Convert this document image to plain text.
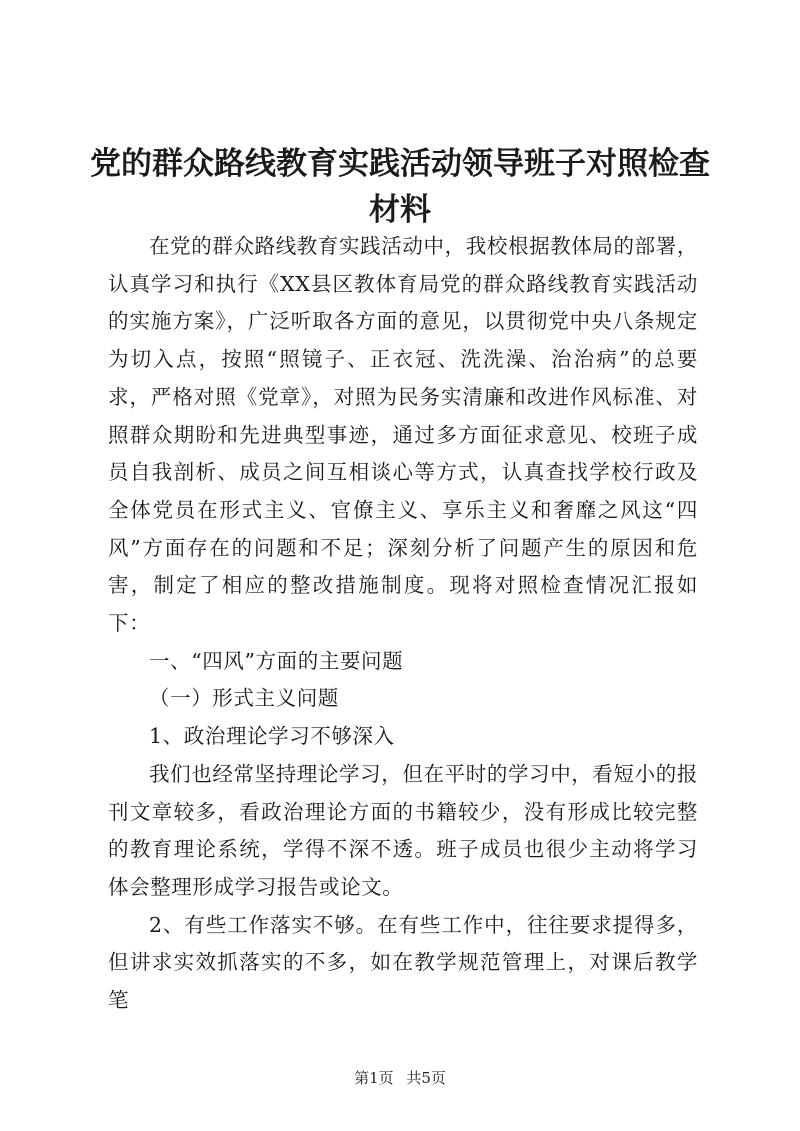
党的群众路线教育实践活动领导班子对照检查
材料

在党的群众路线教育实践活动中，我校根据教体局的部署，认真学习和执行《XX县区教体育局党的群众路线教育实践活动的实施方案》，广泛听取各方面的意见，以贯彻党中央八条规定为切入点，按照“照镜子、正衣冠、洗洗澡、治治病”的总要求，严格对照《党章》，对照为民务实清廉和改进作风标准、对照群众期盼和先进典型事迹，通过多方面征求意见、校班子成员自我剖析、成员之间互相谈心等方式，认真查找学校行政及全体党员在形式主义、官僚主义、享乐主义和奢靡之风这“四风”方面存在的问题和不足；深刻分析了问题产生的原因和危害，制定了相应的整改措施制度。现将对照检查情况汇报如下：

一、“四风”方面的主要问题

（一）形式主义问题

1、政治理论学习不够深入

我们也经常坚持理论学习，但在平时的学习中，看短小的报刊文章较多，看政治理论方面的书籍较少，没有形成比较完整的教育理论系统，学得不深不透。班子成员也很少主动将学习体会整理形成学习报告或论文。

2、有些工作落实不够。在有些工作中，往往要求提得多，但讲求实效抓落实的不多，如在教学规范管理上，对课后教学笔

第1页 共5页
